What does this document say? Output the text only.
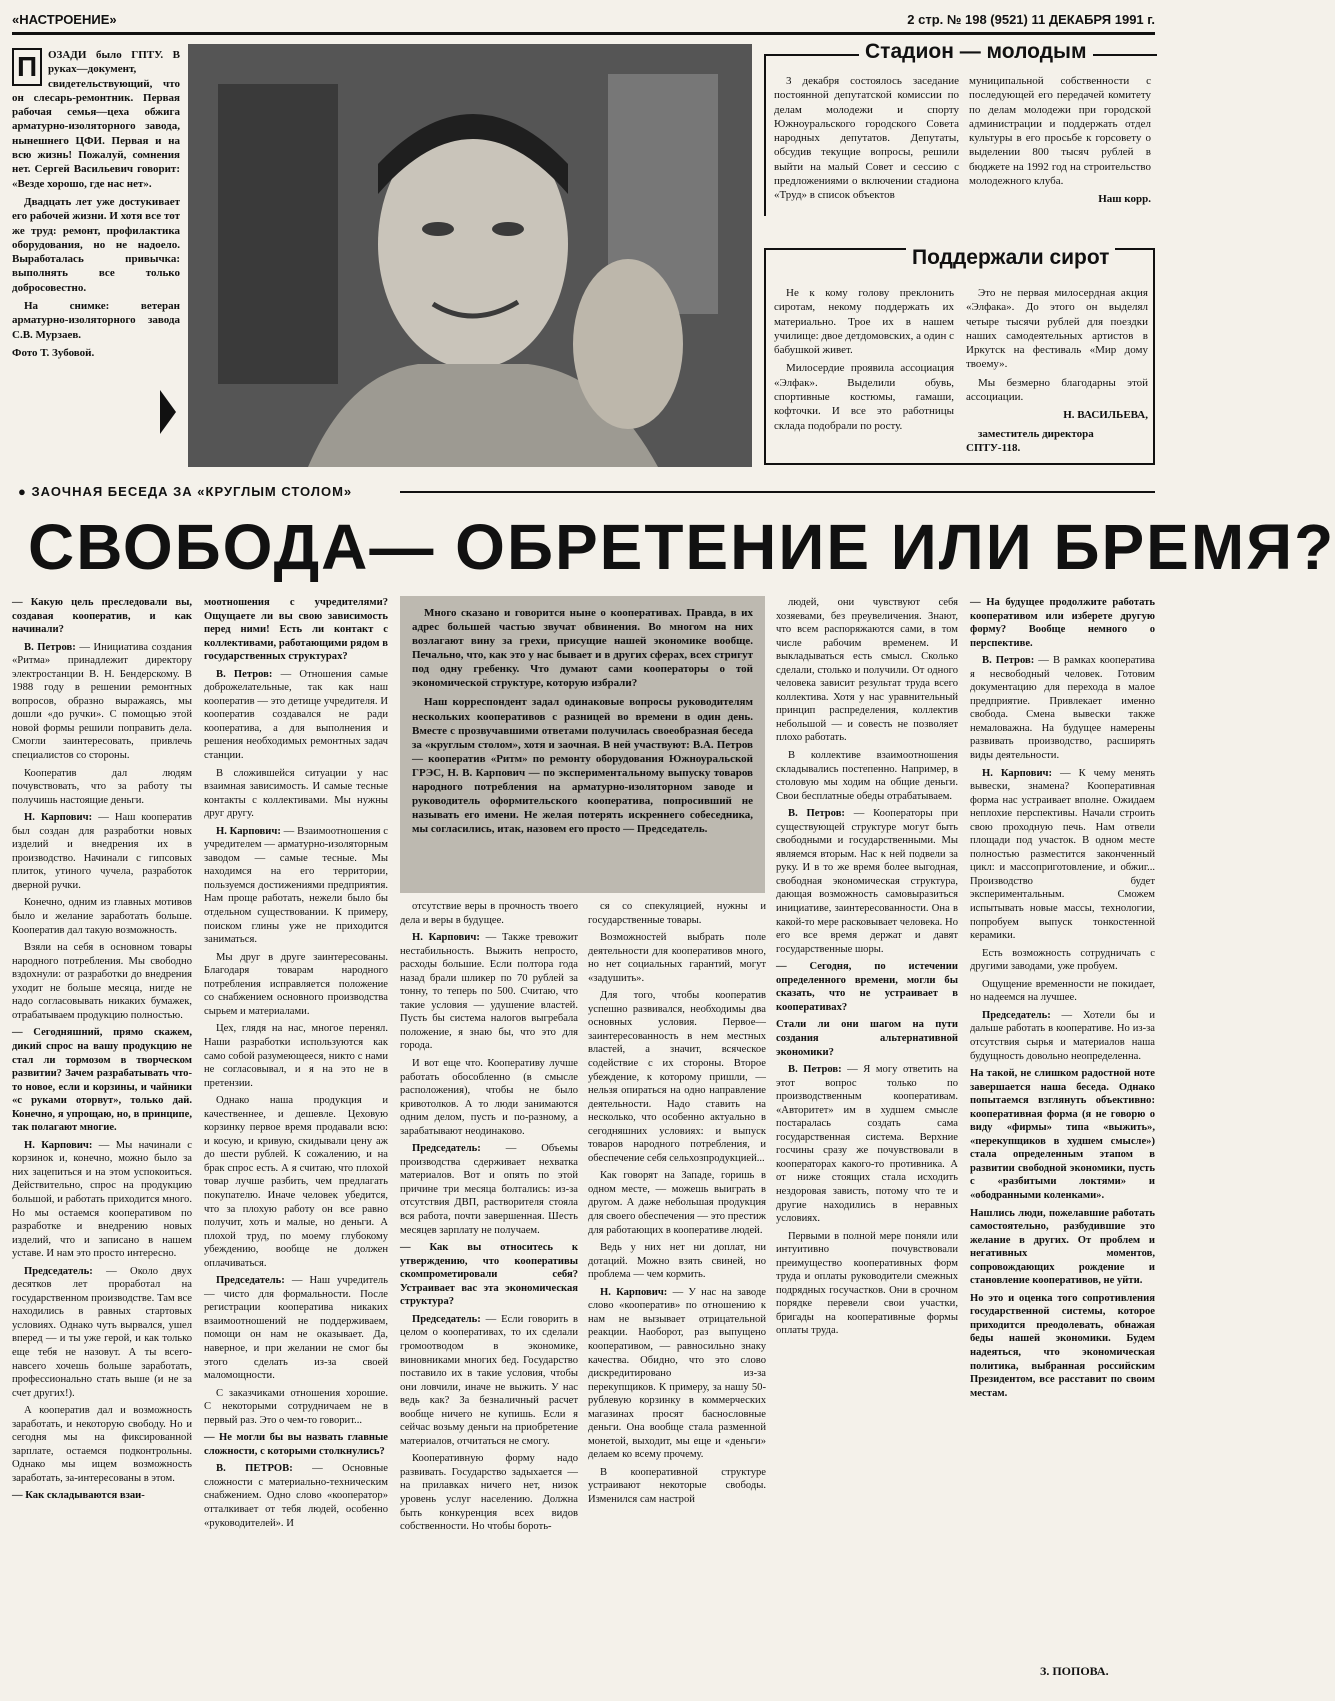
«НАСТРОЕНИЕ»	2 стр. № 198 (9521) 11 ДЕКАБРЯ 1991 г.
П ОЗАДИ было ГПТУ. В руках—документ, свидетельствующий, что он слесарь-ремонтник. Первая рабочая семья—цеха обжига арматурно-изоляторного завода, нынешнего ЦФИ. Первая и на всю жизнь! Пожалуй, сомнения нет. Сергей Васильевич говорит: «Везде хорошо, где нас нет».

Двадцать лет уже достукивает его рабочей жизни. И хотя все тот же труд: ремонт, профилактика оборудования, но не надоело. Выработалась привычка: выполнять все только добросовестно.

На снимке: ветеран арматурно-изоляторного завода С.В. Мурзаев.

Фото Т. Зубовой.

Стадион — молодым

3 декабря состоялось заседание постоянной депутатской комиссии по делам молодежи и спорту Южноуральского городского Совета народных депутатов. Депутаты, обсудив текущие вопросы, решили выйти на малый Совет и сессию с предложениями о включении стадиона «Труд» в список объектов

муниципальной собственности с последующей его передачей комитету по делам молодежи при городской администрации и поддержать отдел культуры в его просьбе к горсовету о выделении 800 тысяч рублей в бюджете на 1992 год на строительство молодежного клуба.

Наш корр.

Поддержали сирот

Не к кому голову преклонить сиротам, некому поддержать их материально. Трое их в нашем училище: двое детдомовских, а один с бабушкой живет.

Милосердие проявила ассоциация «Элфак». Выделили обувь, спортивные костюмы, гамаши, кофточки. И все это работницы склада подобрали по росту.

Это не первая милосердная акция «Элфака». До этого он выделял четыре тысячи рублей для поездки наших самодеятельных артистов в Иркутск на фестиваль «Мир дому твоему».

Мы безмерно благодарны этой ассоциации.

Н. ВАСИЛЬЕВА,

заместитель директора СПТУ-118.

● ЗАОЧНАЯ БЕСЕДА ЗА «КРУГЛЫМ СТОЛОМ»
СВОБОДА— ОБРЕТЕНИЕ ИЛИ БРЕМЯ?

Много сказано и говорится ныне о кооперативах. Правда, в их адрес большей частью звучат обвинения. Во многом на них возлагают вину за грехи, присущие нашей экономике вообще. Печально, что, как это у нас бывает и в других сферах, всех стригут под одну гребенку. Что думают сами кооператоры о той экономической структуре, которую избрали?

Наш корреспондент задал одинаковые вопросы руководителям нескольких кооперативов с разницей во времени в один день. Вместе с прозвучавшими ответами получилась своеобразная беседа за «круглым столом», хотя и заочная. В ней участвуют: В.А. Петров — кооператив «Ритм» по ремонту оборудования Южноуральской ГРЭС, Н. В. Карпович — по экспериментальному выпуску товаров народного потребления на арматурно-изоляторном заводе и руководитель оформительского кооператива, попросивший не называть его имени. Не желая потерять искреннего собеседника, мы согласились, итак, назовем его просто — Председатель.

— Какую цель преследовали вы, создавая кооператив, и как начинали?

В. Петров: — Инициатива создания «Ритма» принадлежит директору электростанции В. Н. Бендерскому. В 1988 году в решении ремонтных вопросов, образно выражаясь, мы дошли «до ручки». С помощью этой новой формы решили поправить дела. Смогли заинтересовать, привлечь специалистов со стороны.

Кооператив дал людям почувствовать, что за работу ты получишь настоящие деньги.

Н. Карпович: — Наш кооператив был создан для разработки новых изделий и внедрения их в производство. Начинали с гипсовых плиток, утиного чучела, разработок дверной ручки.

Конечно, одним из главных мотивов было и желание заработать больше. Кооператив дал такую возможность.

Взяли на себя в основном товары народного потребления. Мы свободно вздохнули: от разработки до внедрения уходит не больше месяца, нигде не надо согласовывать никаких бумажек, отрабатываем продукцию полностью.

— Сегодняшний, прямо скажем, дикий спрос на вашу продукцию не стал ли тормозом в творческом развитии? Зачем разрабатывать что-то новое, если и корзины, и чайники «с руками оторвут», только дай. Конечно, я упрощаю, но, в принципе, так полагают многие.

Н. Карпович: — Мы начинали с корзинок и, конечно, можно было за них зацепиться и на этом успокоиться. Действительно, спрос на продукцию большой, и работать приходится много. Но мы остаемся кооперативом по разработке и внедрению новых изделий, что и записано в нашем уставе. И нам это просто интересно.

Председатель: — Около двух десятков лет проработал на государственном производстве. Там все находились в равных стартовых условиях. Однако чуть вырвался, ушел вперед — и ты уже герой, и как только еще тебя не назовут. А ты всего-навсего хочешь больше заработать, профессионально стать выше (и не за счет других!).

А кооператив дал и возможность заработать, и некоторую свободу. Но и сегодня мы на фиксированной зарплате, остаемся подконтрольны. Однако мы ищем возможность заработать, за-интересованы в этом.

— Как складываются взаи-

моотношения с учредителями? Ощущаете ли вы свою зависимость перед ними! Есть ли контакт с коллективами, работающими рядом в государственных структурах?

В. Петров: — Отношения самые доброжелательные, так как наш кооператив — это детище учредителя. И кооператив создавался не ради кооператива, а для выполнения и решения необходимых ремонтных задач станции.

В сложившейся ситуации у нас взаимная зависимость. И самые тесные контакты с коллективами. Мы нужны друг другу.

Н. Карпович: — Взаимоотношения с учредителем — арматурно-изоляторным заводом — самые тесные. Мы находимся на его территории, пользуемся достижениями предприятия. Нам проще работать, нежели было бы отдельном существовании. К примеру, поиском глины уже не приходится заниматься.

Мы друг в друге заинтересованы. Благодаря товарам народного потребления исправляется положение со снабжением основного производства сырьем и материалами.

Цех, глядя на нас, многое перенял. Наши разработки используются как само собой разумеющееся, никто с нами не согласовывал, и я на это не в претензии.

Однако наша продукция и качественнее, и дешевле. Цеховую корзинку первое время продавали всю: и косую, и кривую, скидывали цену аж до шести рублей. К сожалению, и на брак спрос есть. А я считаю, что плохой товар лучше разбить, чем предлагать покупателю. Иначе человек убедится, что за плохую работу он все равно получит, хоть и малые, но деньги. А плохой труд, по моему глубокому убеждению, вообще не должен оплачиваться.

Председатель: — Наш учредитель — чисто для формальности. После регистрации кооператива никаких взаимоотношений не поддерживаем, помощи он нам не оказывает. Да, наверное, и при желании не смог бы этого сделать из-за своей маломощности.

С заказчиками отношения хорошие. С некоторыми сотрудничаем не в первый раз. Это о чем-то говорит...

— Не могли бы вы назвать главные сложности, с которыми столкнулись?

В. ПЕТРОВ: — Основные сложности с материально-техническим снабжением. Одно слово «кооператор» отталкивает от тебя людей, особенно «руководителей». И

отсутствие веры в прочность твоего дела и веры в будущее.

Н. Карпович: — Также тревожит нестабильность. Выжить непросто, расходы большие. Если полтора года назад брали шликер по 70 рублей за тонну, то теперь по 500. Считаю, что такие условия — удушение властей. Пусть бы система налогов выгребала положение, я знаю бы, что это для города.

И вот еще что. Кооперативу лучше работать обособленно (в смысле расположения), чтобы не было кривотолков. А то люди занимаются одним делом, пусть и по-разному, а зарабатывают неодинаково.

Председатель: — Объемы производства сдерживает нехватка материалов. Вот и опять по этой причине три месяца болтались: из-за отсутствия ДВП, растворителя стояла вся работа, почти завершенная. Шесть месяцев зарплату не получаем.

— Как вы относитесь к утверждению, что кооперативы скомпрометировали себя? Устраивает вас эта экономическая структура?

Председатель: — Если говорить в целом о кооперативах, то их сделали громоотводом в экономике, виновниками многих бед. Государство поставило их в такие условия, чтобы они ловчили, иначе не выжить. У нас ведь как? За безналичный расчет вообще ничего не купишь. Если я сейчас возьму деньги на приобретение материалов, отчитаться не смогу.

Кооперативную форму надо развивать. Государство задыхается — на прилавках ничего нет, низок уровень услуг населению. Должна быть конкуренция всех видов собственности. Но чтобы бороть-

ся со спекуляцией, нужны и государственные товары.

Возможностей выбрать поле деятельности для кооперативов много, но нет социальных гарантий, могут «задушить».

Для того, чтобы кооператив успешно развивался, необходимы два основных условия. Первое—заинтересованность в нем местных властей, а значит, всяческое содействие с их стороны. Второе убеждение, к которому пришли, — нельзя опираться на одно направление деятельности. Надо ставить на несколько, что особенно актуально в сегодняшних условиях: и выпуск товаров народного потребления, и обеспечение себя сельхозпродукцией...

Как говорят на Западе, горишь в одном месте, — можешь выиграть в другом. А даже небольшая продукция для своего обеспечения — это престиж для работающих в кооперативе людей.

Ведь у них нет ни доплат, ни дотаций. Можно взять свиней, но проблема — чем кормить.

Н. Карпович: — У нас на заводе слово «кооператив» по отношению к нам не вызывает отрицательной реакции. Наоборот, раз выпущено кооперативом, — равносильно знаку качества. Обидно, что это слово дискредитировано из-за перекупщиков. К примеру, за нашу 50-рублевую корзинку в коммерческих магазинах просят баснословные деньги. Она вообще стала разменной монетой, выходит, мы еще и «деньги» делаем ко всему прочему.

В кооперативной структуре устраивают некоторые свободы. Изменился сам настрой

людей, они чувствуют себя хозяевами, без преувеличения. Знают, что всем распоряжаются сами, в том числе рабочим временем. И выкладываться есть смысл. Сколько сделали, столько и получили. От одного человека зависит результат труда всего коллектива. Хотя у нас уравнительный принцип распределения, коллектив небольшой — и совесть не позволяет плохо работать.

В коллективе взаимоотношения складывались постепенно. Например, в столовую мы ходим на общие деньги. Свои бесплатные обеды отрабатываем.

В. Петров: — Кооператоры при существующей структуре могут быть свободными и государственными. Мы являемся вторым. Нас к ней подвели за руку. И в то же время более выгодная, свободная экономическая структура, дающая возможность самовыразиться инициативе, заинтересованности. Она в какой-то мере расковывает человека. Но его все время держат и давят государственные шоры.

— Сегодня, по истечении определенного времени, могли бы сказать, что не устраивает в кооперативах?

Стали ли они шагом на пути создания альтернативной экономики?

В. Петров: — Я могу ответить на этот вопрос только по производственным кооперативам. «Авторитет» им в худшем смысле постаралась создать сама государственная система. Верхние госчины сразу же почувствовали в кооператорах какого-то противника. А от ниже стоящих стала исходить нездоровая зависть, потому что те и другие находились в неравных условиях.

Первыми в полной мере поняли или интуитивно почувствовали преимущество кооперативных форм труда и оплаты руководители смежных подрядных госучастков. Они в срочном порядке перевели свои участки, бригады на кооперативные формы оплаты труда.

— На будущее продолжите работать кооперативом или изберете другую форму? Вообще немного о перспективе.

В. Петров: — В рамках кооператива я несвободный человек. Готовим документацию для перехода в малое предприятие. Привлекает именно свобода. Смена вывески также немаловажна. На будущее намерены развивать производство, расширять виды деятельности.

Н. Карпович: — К чему менять вывески, знамена? Кооперативная форма нас устраивает вполне. Ожидаем неплохие перспективы. Начали строить свою проходную печь. Нам отвели площади под участок. В одном месте полностью разместится законченный цикл: и массоприготовление, и обжиг... Производство будет экспериментальным. Сможем испытывать новые массы, технологии, попробуем выпуск тонкостенной керамики.

Есть возможность сотрудничать с другими заводами, уже пробуем.

Ощущение временности не покидает, но надеемся на лучшее.

Председатель: — Хотели бы и дальше работать в кооперативе. Но из-за отсутствия сырья и материалов наша будущность довольно неопределенна.

На такой, не слишком радостной ноте завершается наша беседа. Однако попытаемся взглянуть объективно: кооперативная форма (я не говорю о виду «фирмы» типа «выжить», «перекупщиков в худшем смысле») стала определенным этапом в развитии свободной экономики, пусть с «разбитыми локтями» и «ободранными коленками».

Нашлись люди, пожелавшие работать самостоятельно, разбудившие это желание в других. От проблем и негативных моментов, сопровождающих рождение и становление кооперативов, не уйти.

Но это и оценка того сопротивления государственной системы, которое приходится преодолевать, обнажая беды нашей экономики. Будем надеяться, что экономическая политика, выбранная российским Президентом, все расставит по своим местам.

З. ПОПОВА.
